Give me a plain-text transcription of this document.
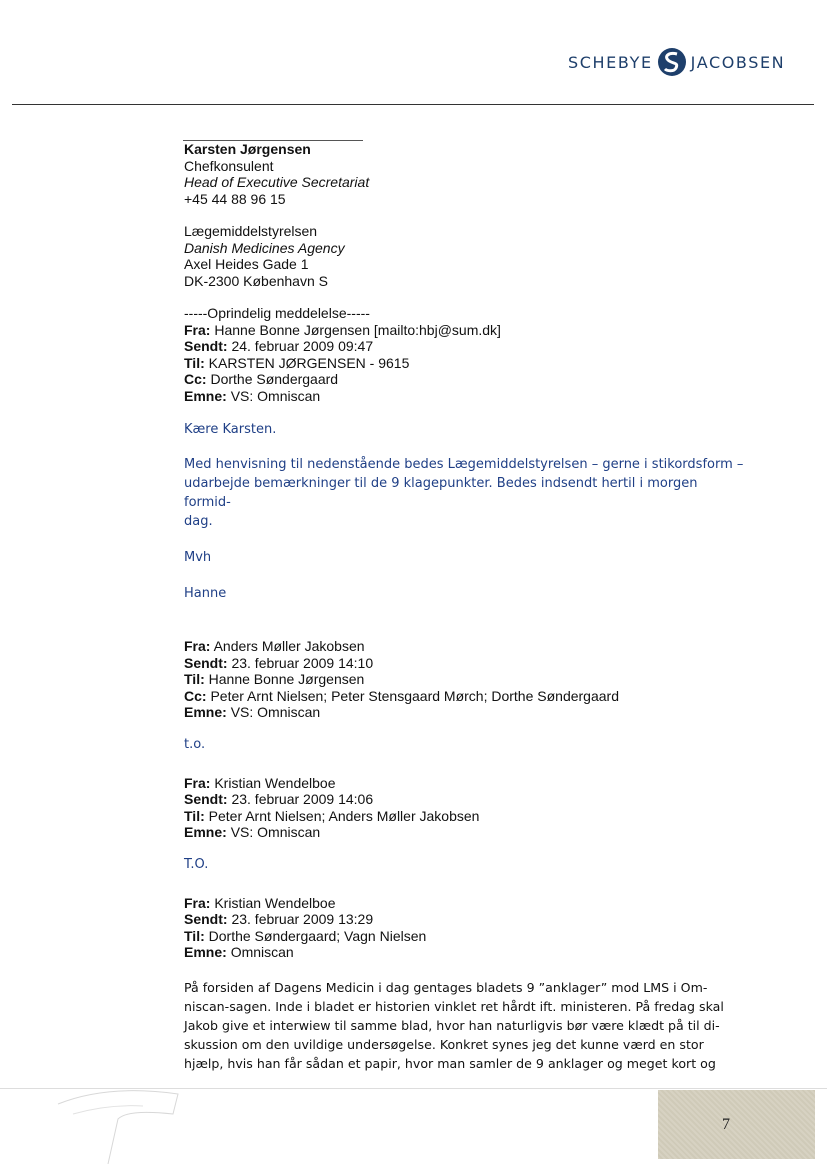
SCHEBYE JACOBSEN
Karsten Jørgensen
Chefkonsulent
Head of Executive Secretariat
+45 44 88 96 15
Lægemiddelstyrelsen
Danish Medicines Agency
Axel Heides Gade 1
DK-2300 København S
-----Oprindelig meddelelse-----
Fra: Hanne Bonne Jørgensen [mailto:hbj@sum.dk]
Sendt: 24. februar 2009 09:47
Til: KARSTEN JØRGENSEN - 9615
Cc: Dorthe Søndergaard
Emne: VS: Omniscan
Kære Karsten.
Med henvisning til nedenstående bedes Lægemiddelstyrelsen – gerne i stikordsform –
udarbejde bemærkninger til de 9 klagepunkter. Bedes indsendt hertil i morgen formid-
dag.
Mvh
Hanne
Fra: Anders Møller Jakobsen
Sendt: 23. februar 2009 14:10
Til: Hanne Bonne Jørgensen
Cc: Peter Arnt Nielsen; Peter Stensgaard Mørch; Dorthe Søndergaard
Emne: VS: Omniscan
t.o.
Fra: Kristian Wendelboe
Sendt: 23. februar 2009 14:06
Til: Peter Arnt Nielsen; Anders Møller Jakobsen
Emne: VS: Omniscan
T.O.
Fra: Kristian Wendelboe
Sendt: 23. februar 2009 13:29
Til: Dorthe Søndergaard; Vagn Nielsen
Emne: Omniscan
På forsiden af Dagens Medicin i dag gentages bladets 9 ”anklager” mod LMS i Om-
niscan-sagen. Inde i bladet er historien vinklet ret hårdt ift. ministeren. På fredag skal
Jakob give et interwiew til samme blad, hvor han naturligvis bør være klædt på til di-
skussion om den uvildige undersøgelse. Konkret synes jeg det kunne værd en stor
hjælp, hvis han får sådan et papir, hvor man samler de 9 anklager og meget kort og
7
